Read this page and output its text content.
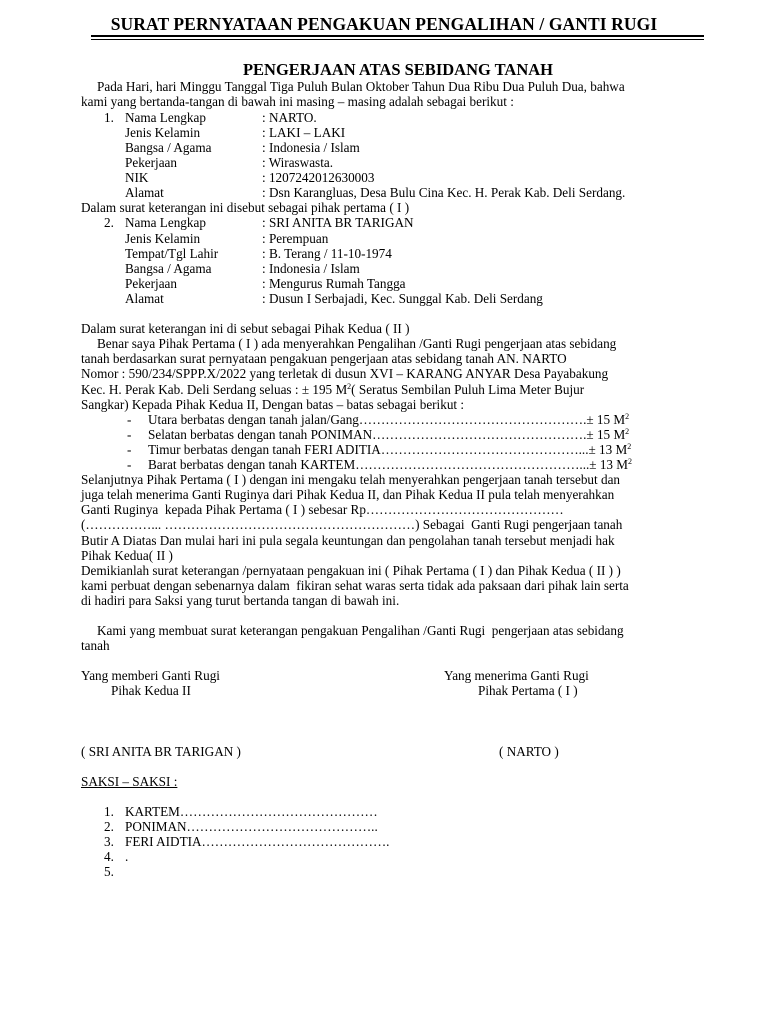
SURAT PERNYATAAN PENGAKUAN PENGALIHAN / GANTI RUGI
PENGERJAAN ATAS SEBIDANG TANAH
Pada Hari, hari Minggu Tanggal Tiga Puluh Bulan Oktober Tahun Dua Ribu Dua Puluh Dua, bahwa
kami yang bertanda-tangan di bawah ini masing – masing adalah sebagai berikut :
1. Nama Lengkap	: NARTO.
Jenis Kelamin	: LAKI – LAKI
Bangsa / Agama	: Indonesia / Islam
Pekerjaan	: Wiraswasta.
NIK	: 1207242012630003
Alamat	: Dsn Karangluas, Desa Bulu Cina Kec. H. Perak Kab. Deli Serdang.
Dalam surat keterangan ini disebut sebagai pihak pertama ( I )
2. Nama Lengkap	: SRI ANITA BR TARIGAN
Jenis Kelamin	: Perempuan
Tempat/Tgl Lahir	: B. Terang / 11-10-1974
Bangsa / Agama	: Indonesia / Islam
Pekerjaan	: Mengurus Rumah Tangga
Alamat	: Dusun I Serbajadi, Kec. Sunggal Kab. Deli Serdang
Dalam surat keterangan ini di sebut sebagai Pihak Kedua ( II )
Benar saya Pihak Pertama ( I ) ada menyerahkan Pengalihan /Ganti Rugi pengerjaan atas sebidang
tanah berdasarkan surat pernyataan pengakuan pengerjaan atas sebidang tanah AN. NARTO
Nomor : 590/234/SPPP.X/2022 yang terletak di dusun XVI – KARANG ANYAR Desa Payabakung
Kec. H. Perak Kab. Deli Serdang seluas : ± 195 $M^2$( Seratus Sembilan Puluh Lima Meter Bujur
Sangkar) Kepada Pihak Kedua II, Dengan batas – batas sebagai berikut :
- Utara berbatas dengan tanah jalan/Gang…………………………………………….± 15 $M^2$
- Selatan berbatas dengan tanah PONIMAN………………………………………….± 15 $M^2$
- Timur berbatas dengan tanah FERI ADITIA………………………………………...± 13 $M^2$
- Barat berbatas dengan tanah KARTEM……………………………………………...± 13 $M^2$
Selanjutnya Pihak Pertama ( I ) dengan ini mengaku telah menyerahkan pengerjaan tanah tersebut dan
juga telah menerima Ganti Ruginya dari Pihak Kedua II, dan Pihak Kedua II pula telah menyerahkan
Ganti Ruginya  kepada Pihak Pertama ( I ) sebesar Rp………………………………………
(……………... …………………………………………………) Sebagai  Ganti Rugi pengerjaan tanah
Butir A Diatas Dan mulai hari ini pula segala keuntungan dan pengolahan tanah tersebut menjadi hak
Pihak Kedua( II )
Demikianlah surat keterangan /pernyataan pengakuan ini ( Pihak Pertama ( I ) dan Pihak Kedua ( II ) )
kami perbuat dengan sebenarnya dalam  fikiran sehat waras serta tidak ada paksaan dari pihak lain serta
di hadiri para Saksi yang turut bertanda tangan di bawah ini.
Kami yang membuat surat keterangan pengakuan Pengalihan /Ganti Rugi  pengerjaan atas sebidang
tanah
Yang memberi Ganti Rugi
Pihak Kedua II
Yang menerima Ganti Rugi
Pihak Pertama ( I )
( SRI ANITA BR TARIGAN )	( NARTO )
SAKSI – SAKSI :
1. KARTEM………………………………………
2. PONIMAN……………………………………..
3. FERI AIDTIA…………………………………….
4. .
5.
